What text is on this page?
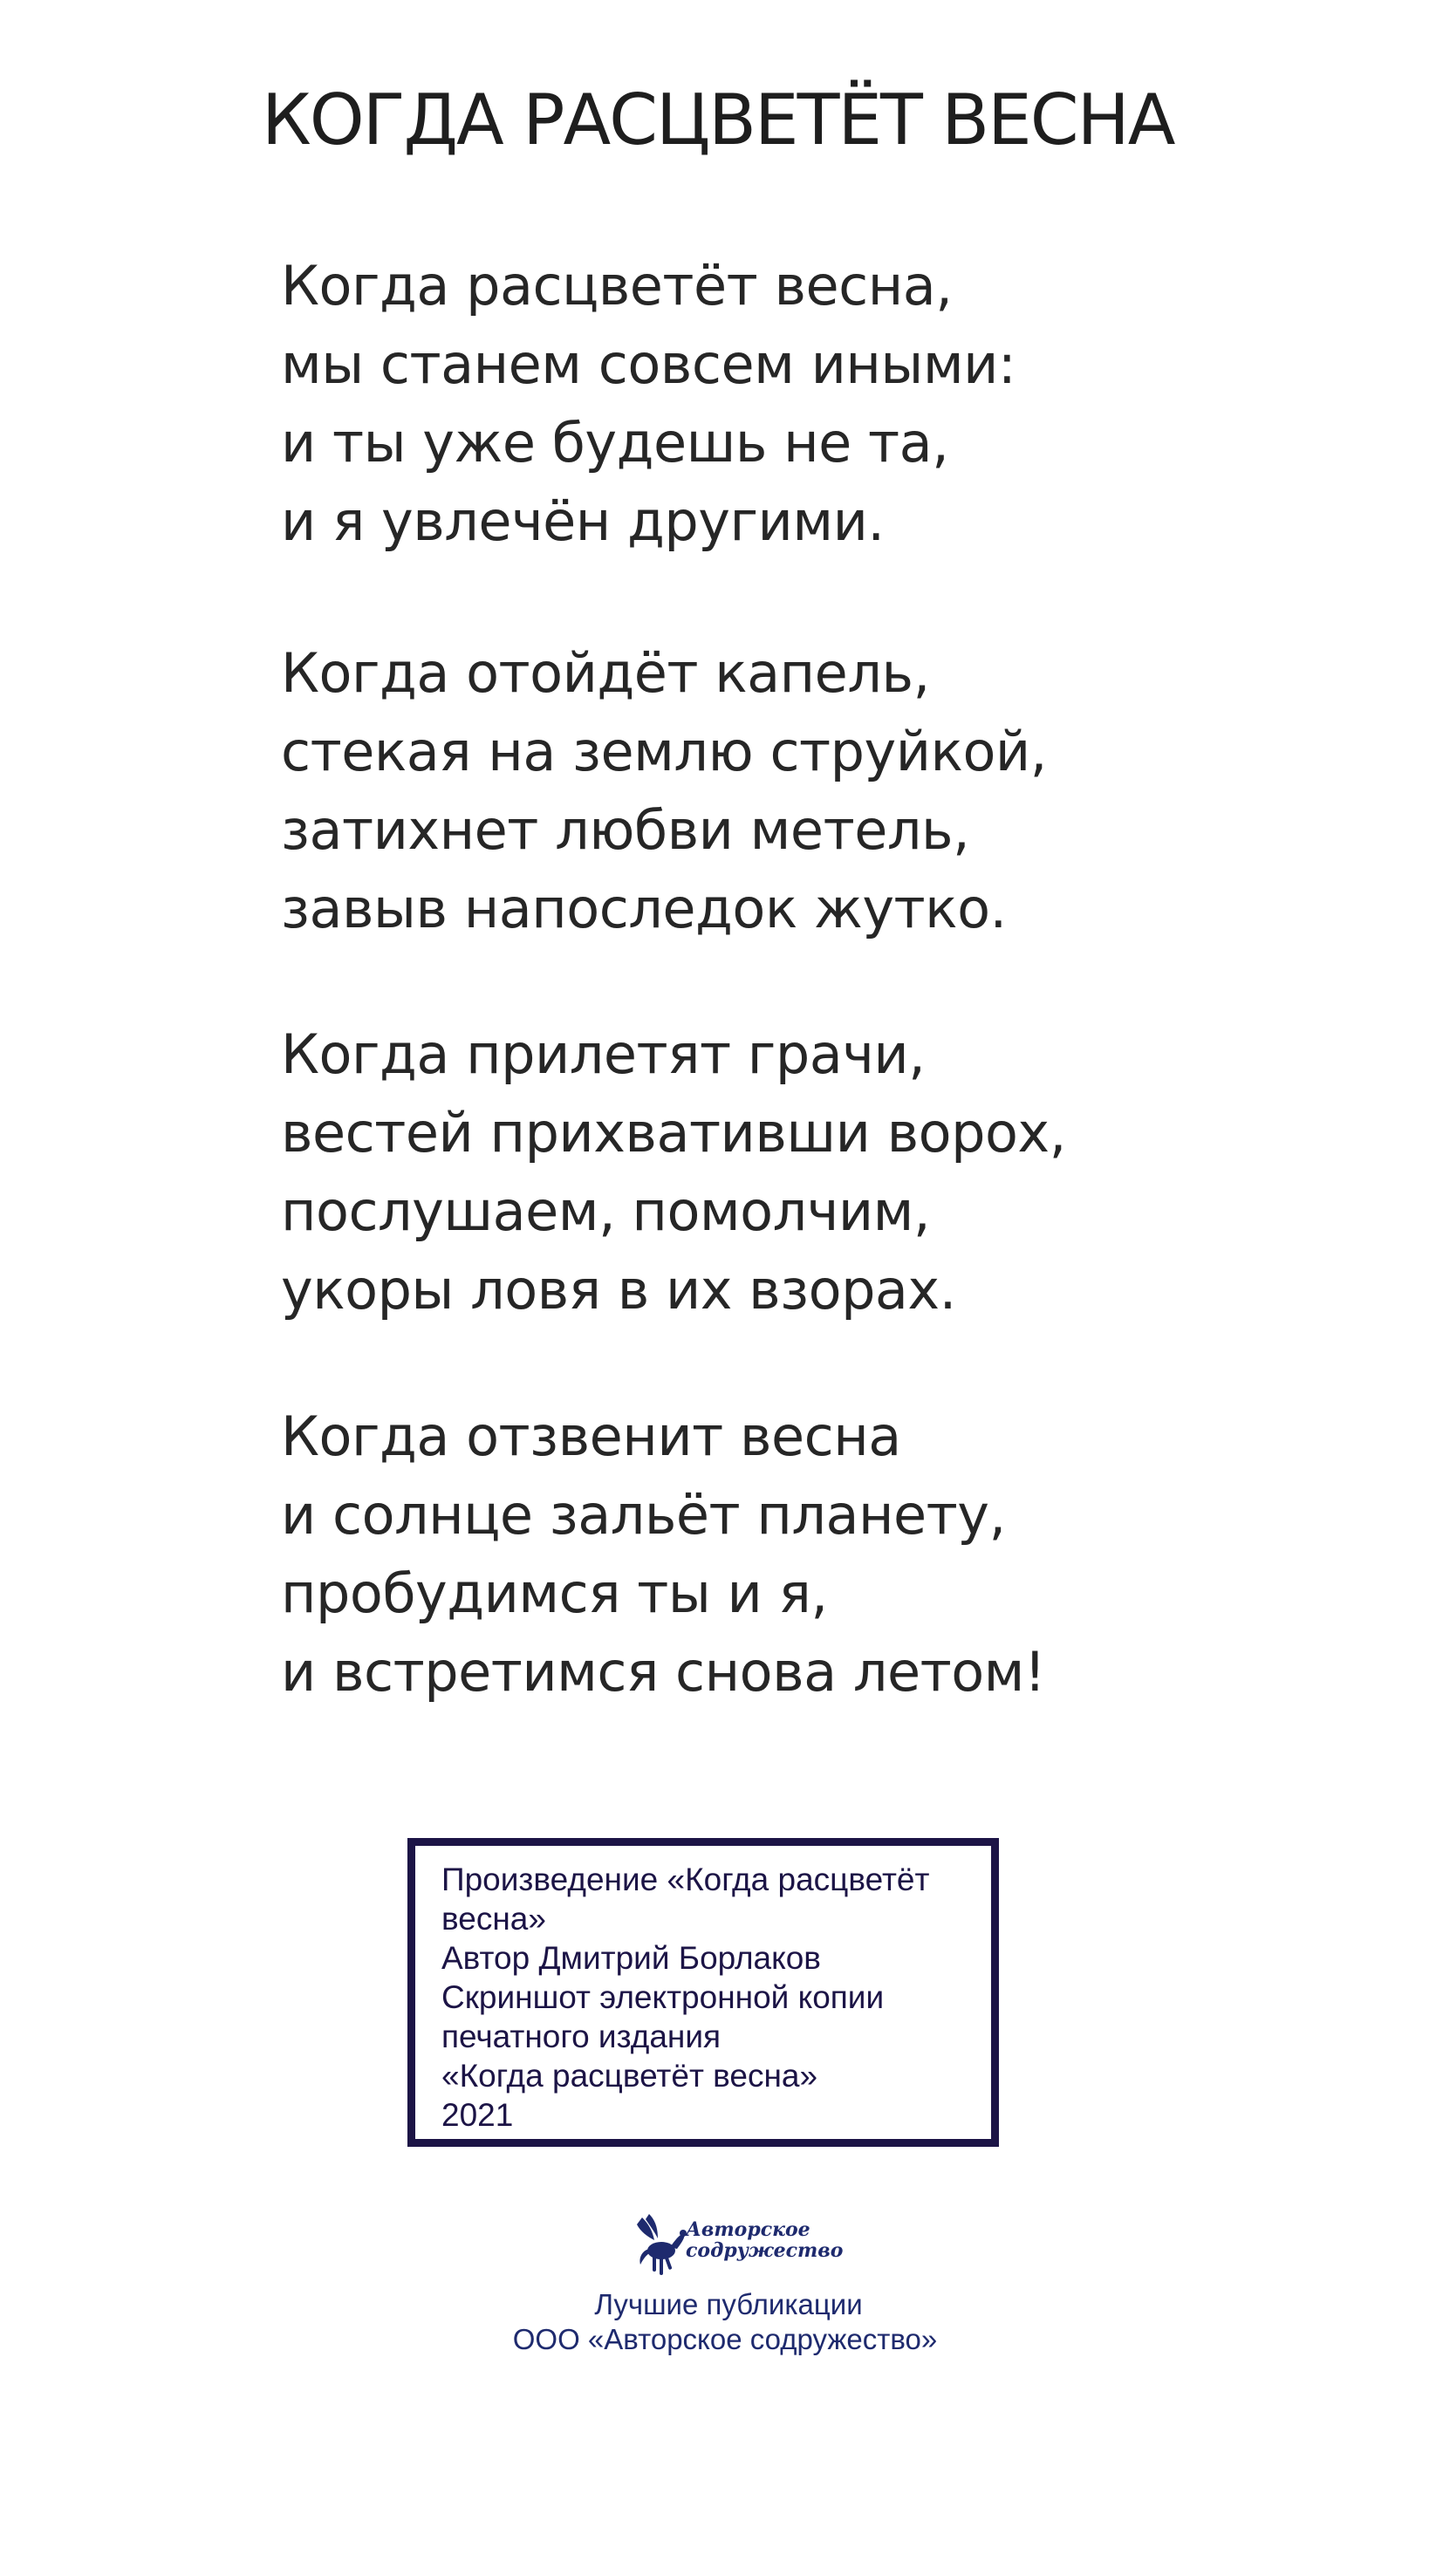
КОГДА РАСЦВЕТЁТ ВЕСНА
Когда расцветёт весна,
мы станем совсем иными:
и ты уже будешь не та,
и я увлечён другими.
Когда отойдёт капель,
стекая на землю струйкой,
затихнет любви метель,
завыв напоследок жутко.
Когда прилетят грачи,
вестей прихвативши ворох,
послушаем, помолчим,
укоры ловя в их взорах.
Когда отзвенит весна
и солнце зальёт планету,
пробудимся ты и я,
и встретимся снова летом!
Произведение «Когда расцветёт
весна»
Автор Дмитрий Борлаков
Скриншот электронной копии
печатного издания
«Когда расцветёт весна»
2021
Авторское
содружество
Лучшие публикации
ООО «Авторское содружество»
